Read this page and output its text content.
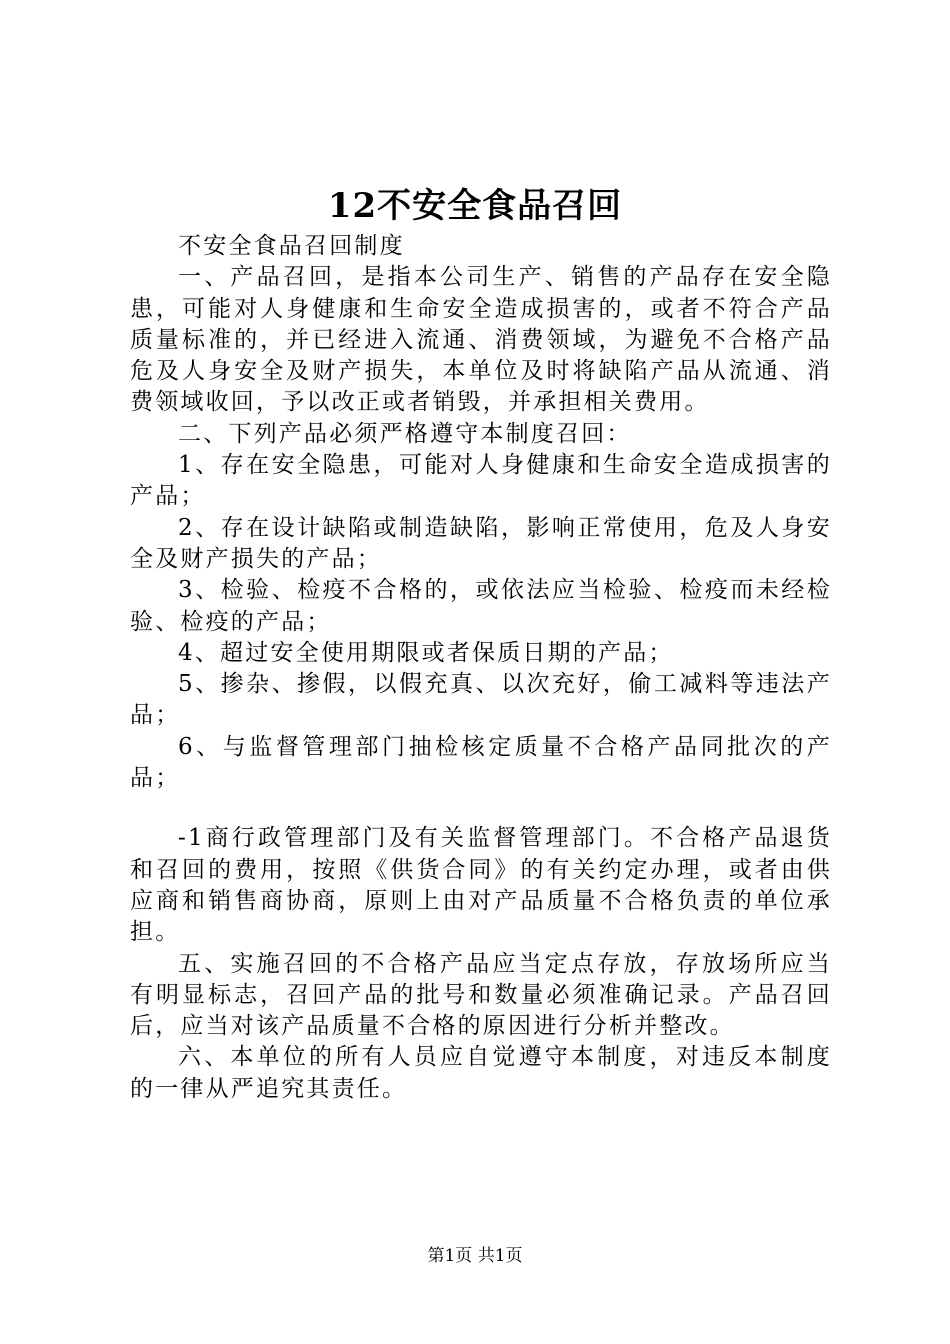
12不安全食品召回

不安全食品召回制度

一、产品召回，是指本公司生产、销售的产品存在安全隐患，可能对人身健康和生命安全造成损害的，或者不符合产品质量标准的，并已经进入流通、消费领域，为避免不合格产品危及人身安全及财产损失，本单位及时将缺陷产品从流通、消费领域收回，予以改正或者销毁，并承担相关费用。

二、下列产品必须严格遵守本制度召回：

1、存在安全隐患，可能对人身健康和生命安全造成损害的产品；

2、存在设计缺陷或制造缺陷，影响正常使用，危及人身安全及财产损失的产品；

3、检验、检疫不合格的，或依法应当检验、检疫而未经检验、检疫的产品；

4、超过安全使用期限或者保质日期的产品；

5、掺杂、掺假，以假充真、以次充好，偷工减料等违法产品；

6、与监督管理部门抽检核定质量不合格产品同批次的产品；

-1商行政管理部门及有关监督管理部门。不合格产品退货和召回的费用，按照《供货合同》的有关约定办理，或者由供应商和销售商协商，原则上由对产品质量不合格负责的单位承担。

五、实施召回的不合格产品应当定点存放，存放场所应当有明显标志，召回产品的批号和数量必须准确记录。产品召回后，应当对该产品质量不合格的原因进行分析并整改。

六、本单位的所有人员应自觉遵守本制度，对违反本制度的一律从严追究其责任。

第1页 共1页
